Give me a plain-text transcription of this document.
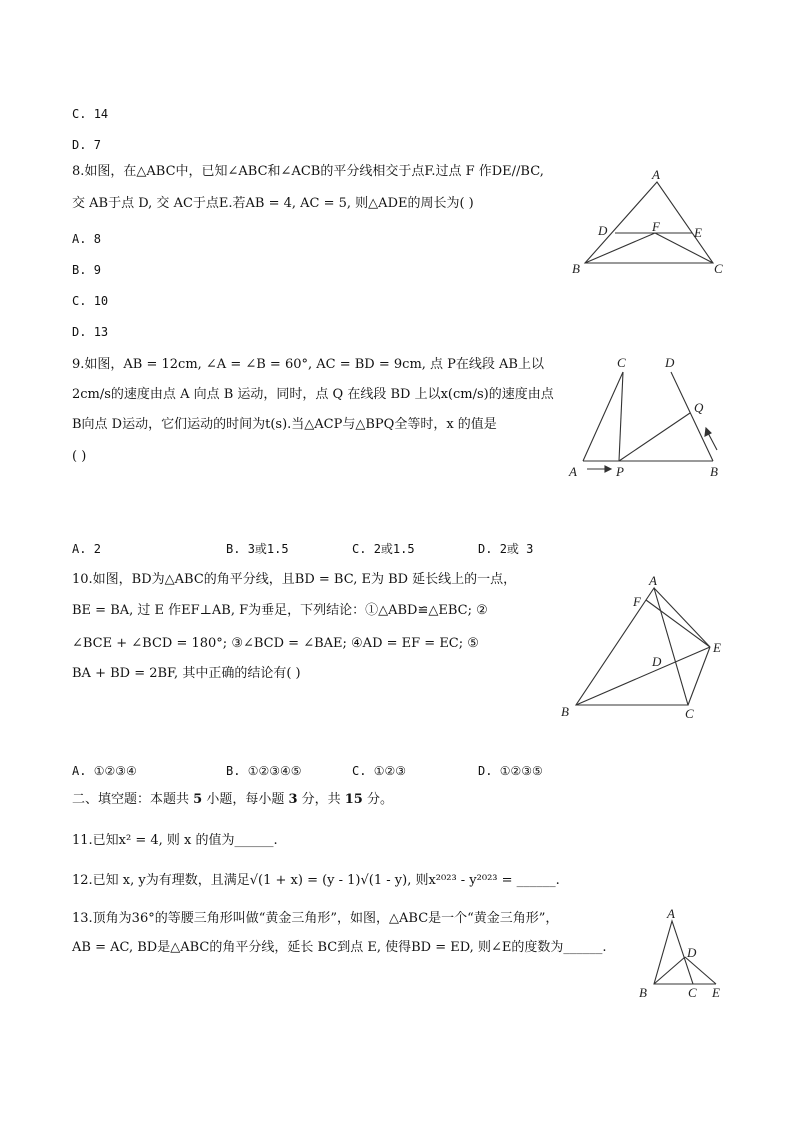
C. 14
D. 7
8.如图，在△ABC中，已知∠ABC和∠ACB的平分线相交于点F.过点 F 作DE//BC,
交 AB于点 D, 交 AC于点E.若AB = 4, AC = 5, 则△ADE的周长为( )
A. 8
B. 9
C. 10
D. 13
A
D	F	E
B	C
9.如图，AB = 12cm, ∠A = ∠B = 60°, AC = BD = 9cm, 点 P在线段 AB上以
2cm/s的速度由点 A 向点 B 运动，同时，点 Q 在线段 BD 上以x(cm/s)的速度由点
B向点 D运动，它们运动的时间为t(s).当△ACP与△BPQ全等时，x 的值是
( )
C	D
Q
A	P	B
A. 2	B. 3或1.5	C. 2或1.5	D. 2或 3
10.如图，BD为△ABC的角平分线，且BD = BC, E为 BD 延长线上的一点，
BE = BA, 过 E 作EF⊥AB, F为垂足，下列结论：①△ABD≌△EBC; ②
∠BCE + ∠BCD = 180°; ③∠BCD = ∠BAE; ④AD = EF = EC; ⑤
BA + BD = 2BF, 其中正确的结论有( )
A
F
E
D
B	C
A. ①②③④	B. ①②③④⑤	C. ①②③	D. ①②③⑤
二、填空题：本题共 5 小题，每小题 3 分，共 15 分。
11.已知x² = 4, 则 x 的值为______.
12.已知 x, y为有理数，且满足√(1 + x) = (y - 1)√(1 - y), 则x²⁰²³ - y²⁰²³ = ______.
13.顶角为36°的等腰三角形叫做“黄金三角形”，如图，△ABC是一个“黄金三角形”，
AB = AC, BD是△ABC的角平分线，延长 BC到点 E, 使得BD = ED, 则∠E的度数为______.
A
D
B	C E
